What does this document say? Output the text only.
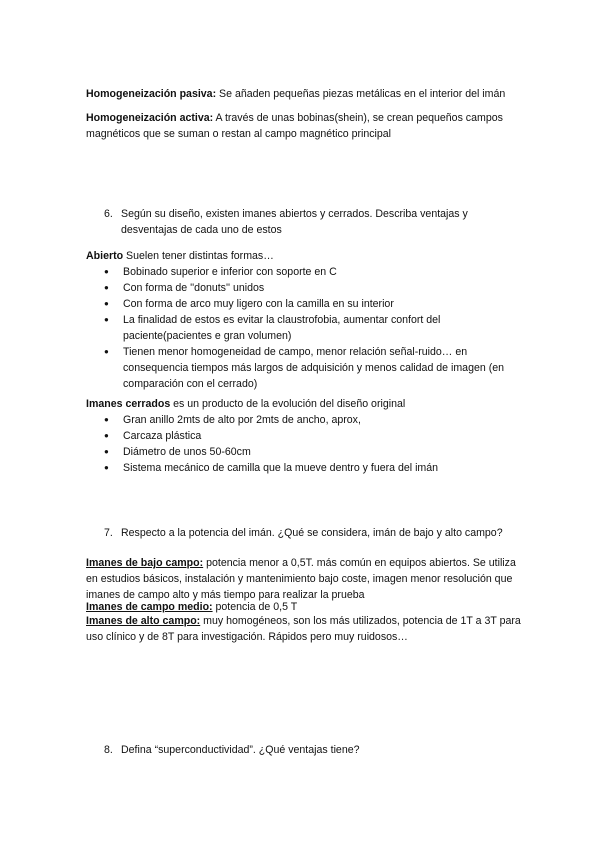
Homogeneización pasiva: Se añaden pequeñas piezas metálicas en el interior del imán
Homogeneización activa: A través de unas bobinas(shein), se crean pequeños campos magnéticos que se suman o restan al campo magnético principal
6. Según su diseño, existen imanes abiertos y cerrados. Describa ventajas y desventajas de cada uno de estos
Abierto Suelen tener distintas formas…
● Bobinado superior e inferior con soporte en C
● Con forma de ''donuts'' unidos
● Con forma de arco muy ligero con la camilla en su interior
● La finalidad de estos es evitar la claustrofobia, aumentar confort del paciente(pacientes e gran volumen)
● Tienen menor homogeneidad de campo, menor relación señal-ruido… en consequencia tiempos más largos de adquisición y menos calidad de imagen (en comparación con el cerrado)
Imanes cerrados es un producto de la evolución del diseño original
● Gran anillo 2mts de alto por 2mts de ancho, aprox,
● Carcaza plástica
● Diámetro de unos 50-60cm
● Sistema mecánico de camilla que la mueve dentro y fuera del imán
7. Respecto a la potencia del imán. ¿Qué se considera, imán de bajo y alto campo?
Imanes de bajo campo: potencia menor a 0,5T. más común en equipos abiertos. Se utiliza en estudios básicos, instalación y mantenimiento bajo coste, imagen menor resolución que imanes de campo alto y más tiempo para realizar la prueba
Imanes de campo medio: potencia de 0,5 T
Imanes de alto campo: muy homogéneos, son los más utilizados, potencia de 1T a 3T para uso clínico y de 8T para investigación. Rápidos pero muy ruidosos…
8. Defina “superconductividad”. ¿Qué ventajas tiene?
